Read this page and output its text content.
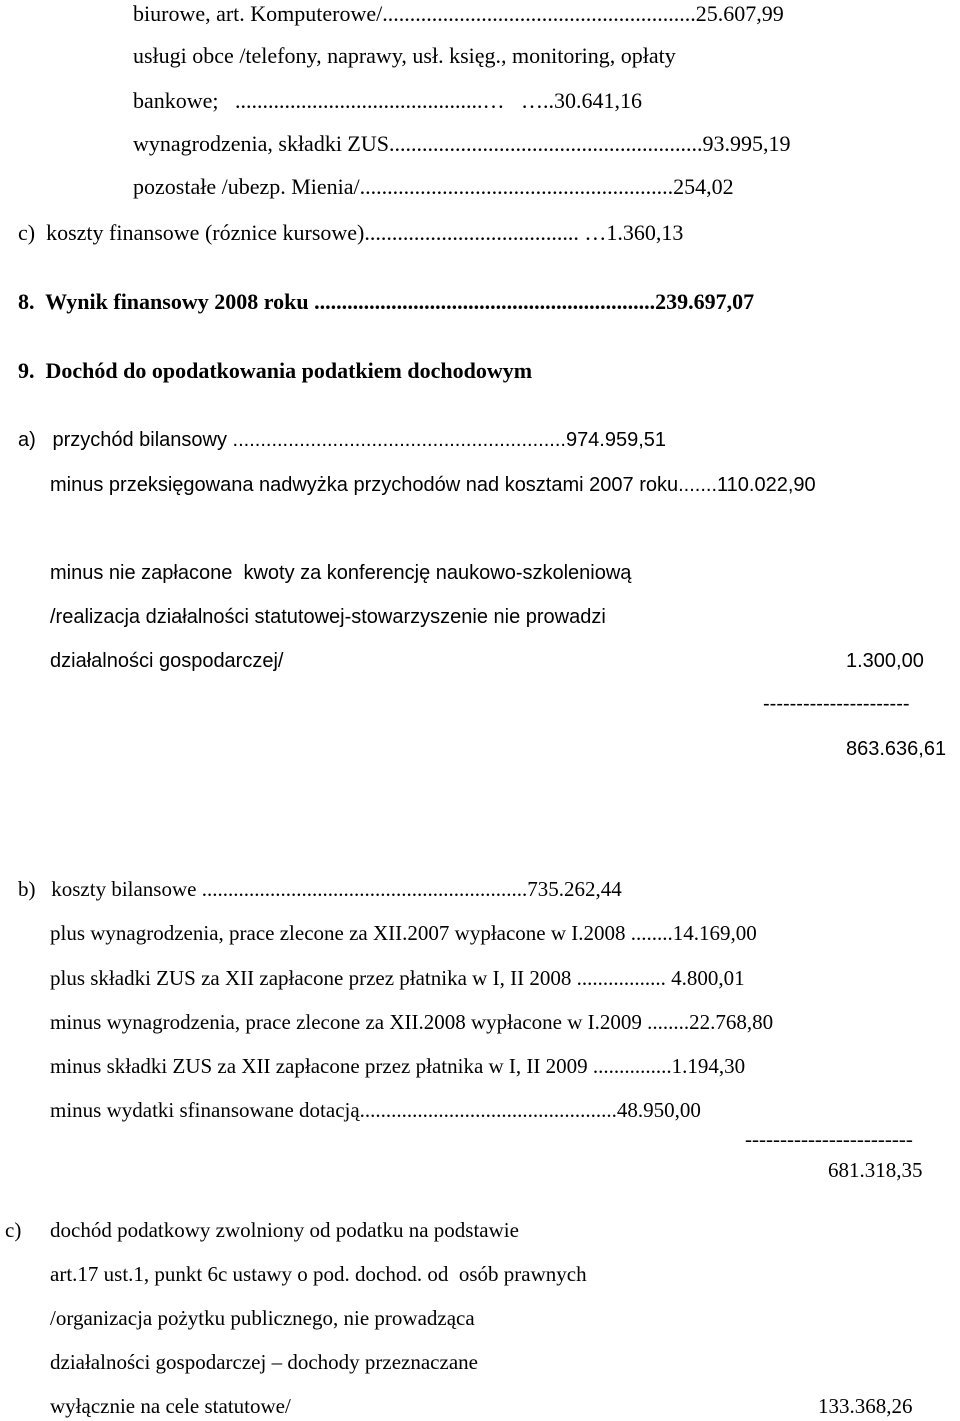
biurowe, art. Komputerowe/.........................................................25.607,99
usługi obce /telefony, naprawy, usł. księg., monitoring, opłaty
bankowe;   .............................................…   …..30.641,16
wynagrodzenia, składki ZUS.........................................................93.995,19
pozostałe /ubezp. Mienia/.........................................................254,02
c)  koszty finansowe (róznice kursowe)....................................... …1.360,13
8.  Wynik finansowy 2008 roku ..............................................................239.697,07
9.  Dochód do opodatkowania podatkiem dochodowym
a)   przychód bilansowy ............................................................974.959,51
minus przeksięgowana nadwyżka przychodów nad kosztami 2007 roku.......110.022,90
minus nie zapłacone  kwoty za konferencję naukowo-szkoleniową
/realizacja działalności statutowej-stowarzyszenie nie prowadzi
działalności gospodarczej/	1.300,00
----------------------
863.636,61
b)   koszty bilansowe ..............................................................735.262,44
plus wynagrodzenia, prace zlecone za XII.2007 wypłacone w I.2008 ........14.169,00
plus składki ZUS za XII zapłacone przez płatnika w I, II 2008 ................. 4.800,01
minus wynagrodzenia, prace zlecone za XII.2008 wypłacone w I.2009 ........22.768,80
minus składki ZUS za XII zapłacone przez płatnika w I, II 2009 ...............1.194,30
minus wydatki sfinansowane dotacją.................................................48.950,00
------------------------
681.318,35
c) dochód podatkowy zwolniony od podatku na podstawie
art.17 ust.1, punkt 6c ustawy o pod. dochod. od  osób prawnych
/organizacja pożytku publicznego, nie prowadząca
działalności gospodarczej – dochody przeznaczane
wyłącznie na cele statutowe/	133.368,26
